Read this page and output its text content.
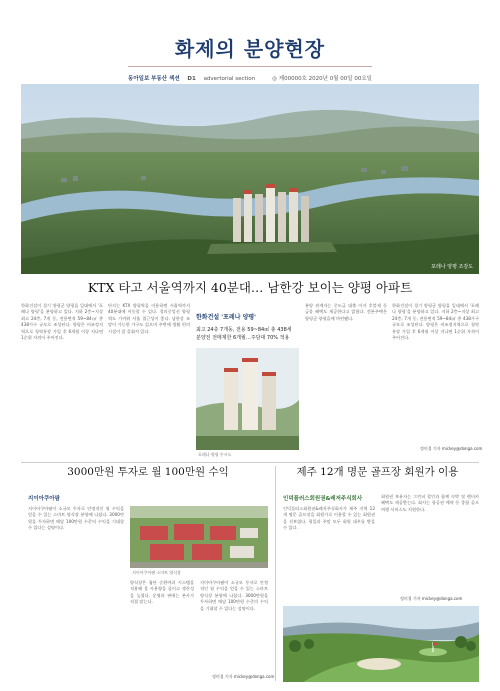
화제의 분양현장
동아일보 부동산 섹션 D1 advertorial section	◎ 제00000호 2020년 0월 00일 00요일
포레나 양평 조감도
KTX 타고 서울역까지 40분대… 남한강 보이는 양평 아파트

한화건설이 경기 양평군 양평읍 일대에서 '포레나 양평'을 분양하고 있다. 지하 2층~지상 최고 24층, 7개 동, 전용면적 59~84㎡ 총 438가구 규모로 조성된다. 양평은 비조정지역으로 청약통장 가입 후 6개월 이상 지나면 1순위 자격이 주어진다.

단지는 KTX 양평역을 이용하면 서울역까지 40분대에 이동할 수 있다. 경의중앙선 양평역도 가까워 서울 접근성이 좋다. 남한강 조망이 가능한 가구도 있으며 주변에 생활 편의시설이 잘 갖춰져 있다.

한화건설 '포레나 양평'
최고 24층 7개동, 전용 59~84㎡ 총 438세
분양전 전매제한 6개월…주담대 70% 적용
포레나 양평 투시도

분양 관계자는 중도금 대출 이자 후불제 등 금융 혜택도 제공한다고 밝혔다. 견본주택은 양평군 양평읍에 마련됐다.

한화건설이 경기 양평군 양평읍 일대에서 '포레나 양평'을 분양하고 있다. 지하 2층~지상 최고 24층, 7개 동, 전용면적 59~84㎡ 총 438가구 규모로 조성된다. 양평은 비조정지역으로 청약통장 가입 후 6개월 이상 지나면 1순위 자격이 주어진다.

정미경 기자 mickey@donga.com
3000만원 투자로 월 100만원 수익
지이아쿠아팜

지이아쿠아팜이 소규모 투자로 안정적인 월 수익을 얻을 수 있는 스마트 양식장 분양에 나섰다. 3000만원을 투자하면 매달 100만원 수준의 수익을 기대할 수 있다는 설명이다.

지이아쿠아팜 스마트 양식장

양식장은 첨단 순환여과 시스템을 적용해 물 사용량을 줄이고 생산성을 높였다. 운영과 판매는 본사가 직접 맡는다.

지이아쿠아팜이 소규모 투자로 안정적인 월 수익을 얻을 수 있는 스마트 양식장 분양에 나섰다. 3000만원을 투자하면 매달 100만원 수준의 수익을 기대할 수 있다는 설명이다.

정미경 기자 mickey@donga.com
제주 12개 명문 골프장 회원가 이용
인덕플러스회원권&레저주식회사

인덕플러스회원권&레저주식회사가 제주 지역 12개 명문 골프장을 회원가로 이용할 수 있는 회원권을 선보였다. 평일과 주말 모두 회원 대우를 받을 수 있다.

회원권 보유자는 그린피 할인과 함께 숙박 및 렌터카 혜택도 제공받는다. 회사는 항공권 예약 등 종합 골프 여행 서비스도 지원한다.

정미경 기자 mickey@donga.com
